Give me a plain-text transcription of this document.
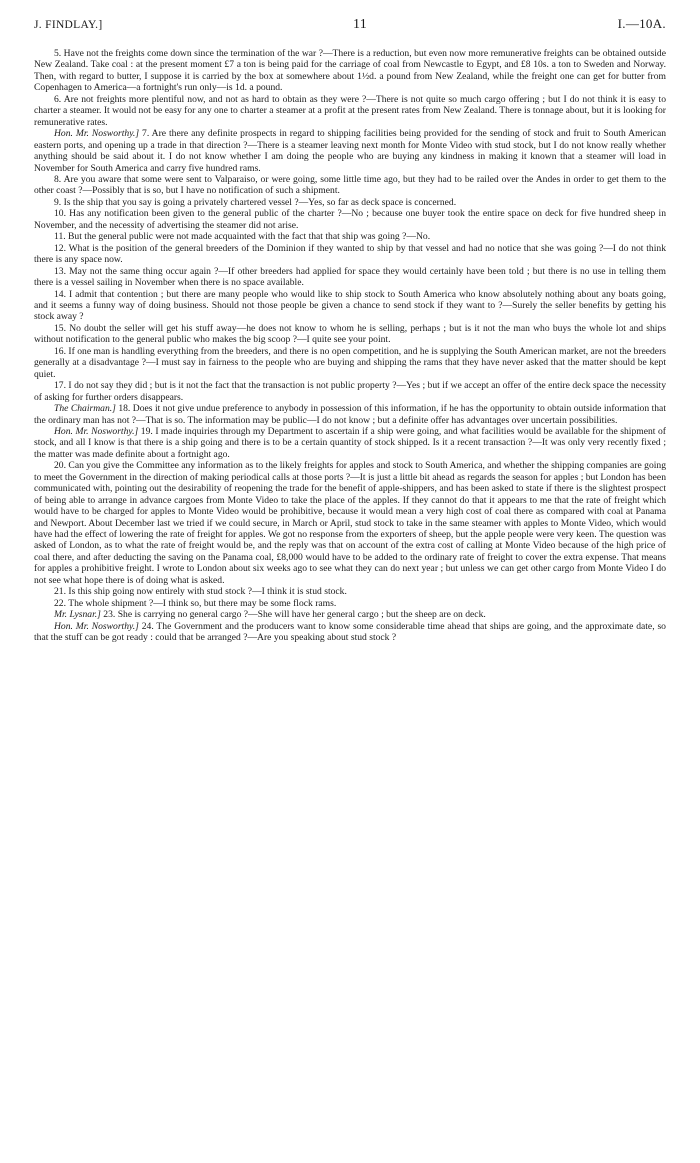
J. FINDLAY.]	11	I.—10A.

5. Have not the freights come down since the termination of the war ?—There is a reduction, but even now more remunerative freights can be obtained outside New Zealand. Take coal : at the present moment £7 a ton is being paid for the carriage of coal from Newcastle to Egypt, and £8 10s. a ton to Sweden and Norway. Then, with regard to butter, I suppose it is carried by the box at somewhere about 1½d. a pound from New Zealand, while the freight one can get for butter from Copenhagen to America—a fortnight's run only—is 1d. a pound.

6. Are not freights more plentiful now, and not as hard to obtain as they were ?—There is not quite so much cargo offering ; but I do not think it is easy to charter a steamer. It would not be easy for any one to charter a steamer at a profit at the present rates from New Zealand. There is tonnage about, but it is looking for remunerative rates.

Hon. Mr. Nosworthy.] 7. Are there any definite prospects in regard to shipping facilities being provided for the sending of stock and fruit to South American eastern ports, and opening up a trade in that direction ?—There is a steamer leaving next month for Monte Video with stud stock, but I do not know really whether anything should be said about it. I do not know whether I am doing the people who are buying any kindness in making it known that a steamer will load in November for South America and carry five hundred rams.

8. Are you aware that some were sent to Valparaiso, or were going, some little time ago, but they had to be railed over the Andes in order to get them to the other coast ?—Possibly that is so, but I have no notification of such a shipment.

9. Is the ship that you say is going a privately chartered vessel ?—Yes, so far as deck space is concerned.

10. Has any notification been given to the general public of the charter ?—No ; because one buyer took the entire space on deck for five hundred sheep in November, and the necessity of advertising the steamer did not arise.

11. But the general public were not made acquainted with the fact that that ship was going ?—No.

12. What is the position of the general breeders of the Dominion if they wanted to ship by that vessel and had no notice that she was going ?—I do not think there is any space now.

13. May not the same thing occur again ?—If other breeders had applied for space they would certainly have been told ; but there is no use in telling them there is a vessel sailing in November when there is no space available.

14. I admit that contention ; but there are many people who would like to ship stock to South America who know absolutely nothing about any boats going, and it seems a funny way of doing business. Should not those people be given a chance to send stock if they want to ?—Surely the seller benefits by getting his stock away ?

15. No doubt the seller will get his stuff away—he does not know to whom he is selling, perhaps ; but is it not the man who buys the whole lot and ships without notification to the general public who makes the big scoop ?—I quite see your point.

16. If one man is handling everything from the breeders, and there is no open competition, and he is supplying the South American market, are not the breeders generally at a disadvantage ?—I must say in fairness to the people who are buying and shipping the rams that they have never asked that the matter should be kept quiet.

17. I do not say they did ; but is it not the fact that the transaction is not public property ?—Yes ; but if we accept an offer of the entire deck space the necessity of asking for further orders disappears.

The Chairman.] 18. Does it not give undue preference to anybody in possession of this information, if he has the opportunity to obtain outside information that the ordinary man has not ?—That is so. The information may be public—I do not know ; but a definite offer has advantages over uncertain possibilities.

Hon. Mr. Nosworthy.] 19. I made inquiries through my Department to ascertain if a ship were going, and what facilities would be available for the shipment of stock, and all I know is that there is a ship going and there is to be a certain quantity of stock shipped. Is it a recent transaction ?—It was only very recently fixed ; the matter was made definite about a fortnight ago.

20. Can you give the Committee any information as to the likely freights for apples and stock to South America, and whether the shipping companies are going to meet the Government in the direction of making periodical calls at those ports ?—It is just a little bit ahead as regards the season for apples ; but London has been communicated with, pointing out the desirability of reopening the trade for the benefit of apple-shippers, and has been asked to state if there is the slightest prospect of being able to arrange in advance cargoes from Monte Video to take the place of the apples. If they cannot do that it appears to me that the rate of freight which would have to be charged for apples to Monte Video would be prohibitive, because it would mean a very high cost of coal there as compared with coal at Panama and Newport. About December last we tried if we could secure, in March or April, stud stock to take in the same steamer with apples to Monte Video, which would have had the effect of lowering the rate of freight for apples. We got no response from the exporters of sheep, but the apple people were very keen. The question was asked of London, as to what the rate of freight would be, and the reply was that on account of the extra cost of calling at Monte Video because of the high price of coal there, and after deducting the saving on the Panama coal, £8,000 would have to be added to the ordinary rate of freight to cover the extra expense. That means for apples a prohibitive freight. I wrote to London about six weeks ago to see what they can do next year ; but unless we can get other cargo from Monte Video I do not see what hope there is of doing what is asked.

21. Is this ship going now entirely with stud stock ?—I think it is stud stock.

22. The whole shipment ?—I think so, but there may be some flock rams.

Mr. Lysnar.] 23. She is carrying no general cargo ?—She will have her general cargo ; but the sheep are on deck.

Hon. Mr. Nosworthy.] 24. The Government and the producers want to know some considerable time ahead that ships are going, and the approximate date, so that the stuff can be got ready : could that be arranged ?—Are you speaking about stud stock ?
